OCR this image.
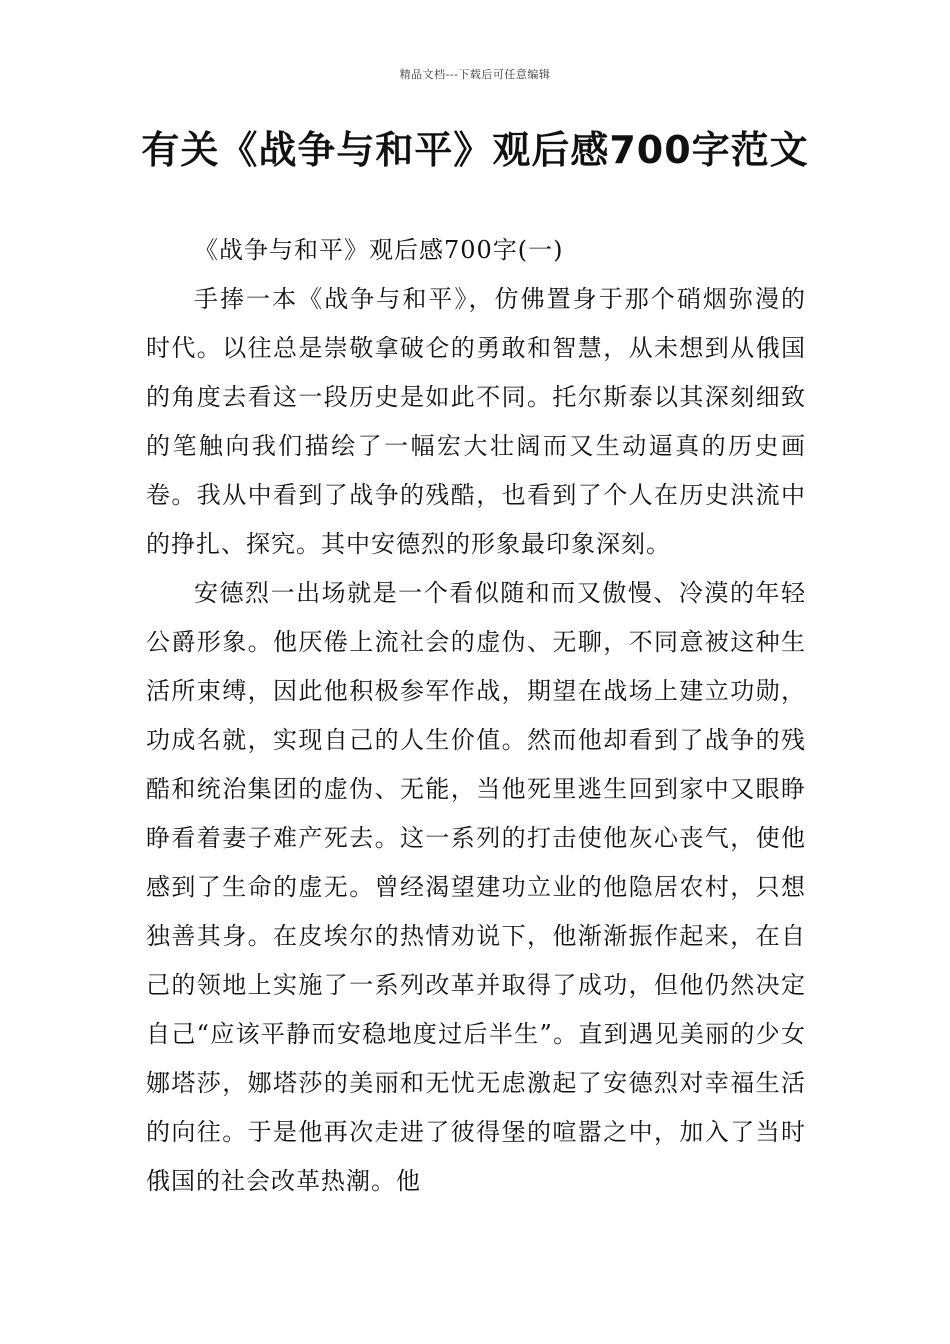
精品文档---下载后可任意编辑
有关《战争与和平》观后感700字范文

《战争与和平》观后感700字(一)

手捧一本《战争与和平》，仿佛置身于那个硝烟弥漫的时代。以往总是崇敬拿破仑的勇敢和智慧，从未想到从俄国的角度去看这一段历史是如此不同。托尔斯泰以其深刻细致的笔触向我们描绘了一幅宏大壮阔而又生动逼真的历史画卷。我从中看到了战争的残酷，也看到了个人在历史洪流中的挣扎、探究。其中安德烈的形象最印象深刻。

安德烈一出场就是一个看似随和而又傲慢、冷漠的年轻公爵形象。他厌倦上流社会的虚伪、无聊，不同意被这种生活所束缚，因此他积极参军作战，期望在战场上建立功勋，功成名就，实现自己的人生价值。然而他却看到了战争的残酷和统治集团的虚伪、无能，当他死里逃生回到家中又眼睁睁看着妻子难产死去。这一系列的打击使他灰心丧气，使他感到了生命的虚无。曾经渴望建功立业的他隐居农村，只想独善其身。在皮埃尔的热情劝说下，他渐渐振作起来，在自己的领地上实施了一系列改革并取得了成功，但他仍然决定自己“应该平静而安稳地度过后半生”。直到遇见美丽的少女娜塔莎，娜塔莎的美丽和无忧无虑激起了安德烈对幸福生活的向往。于是他再次走进了彼得堡的喧嚣之中，加入了当时俄国的社会改革热潮。他
